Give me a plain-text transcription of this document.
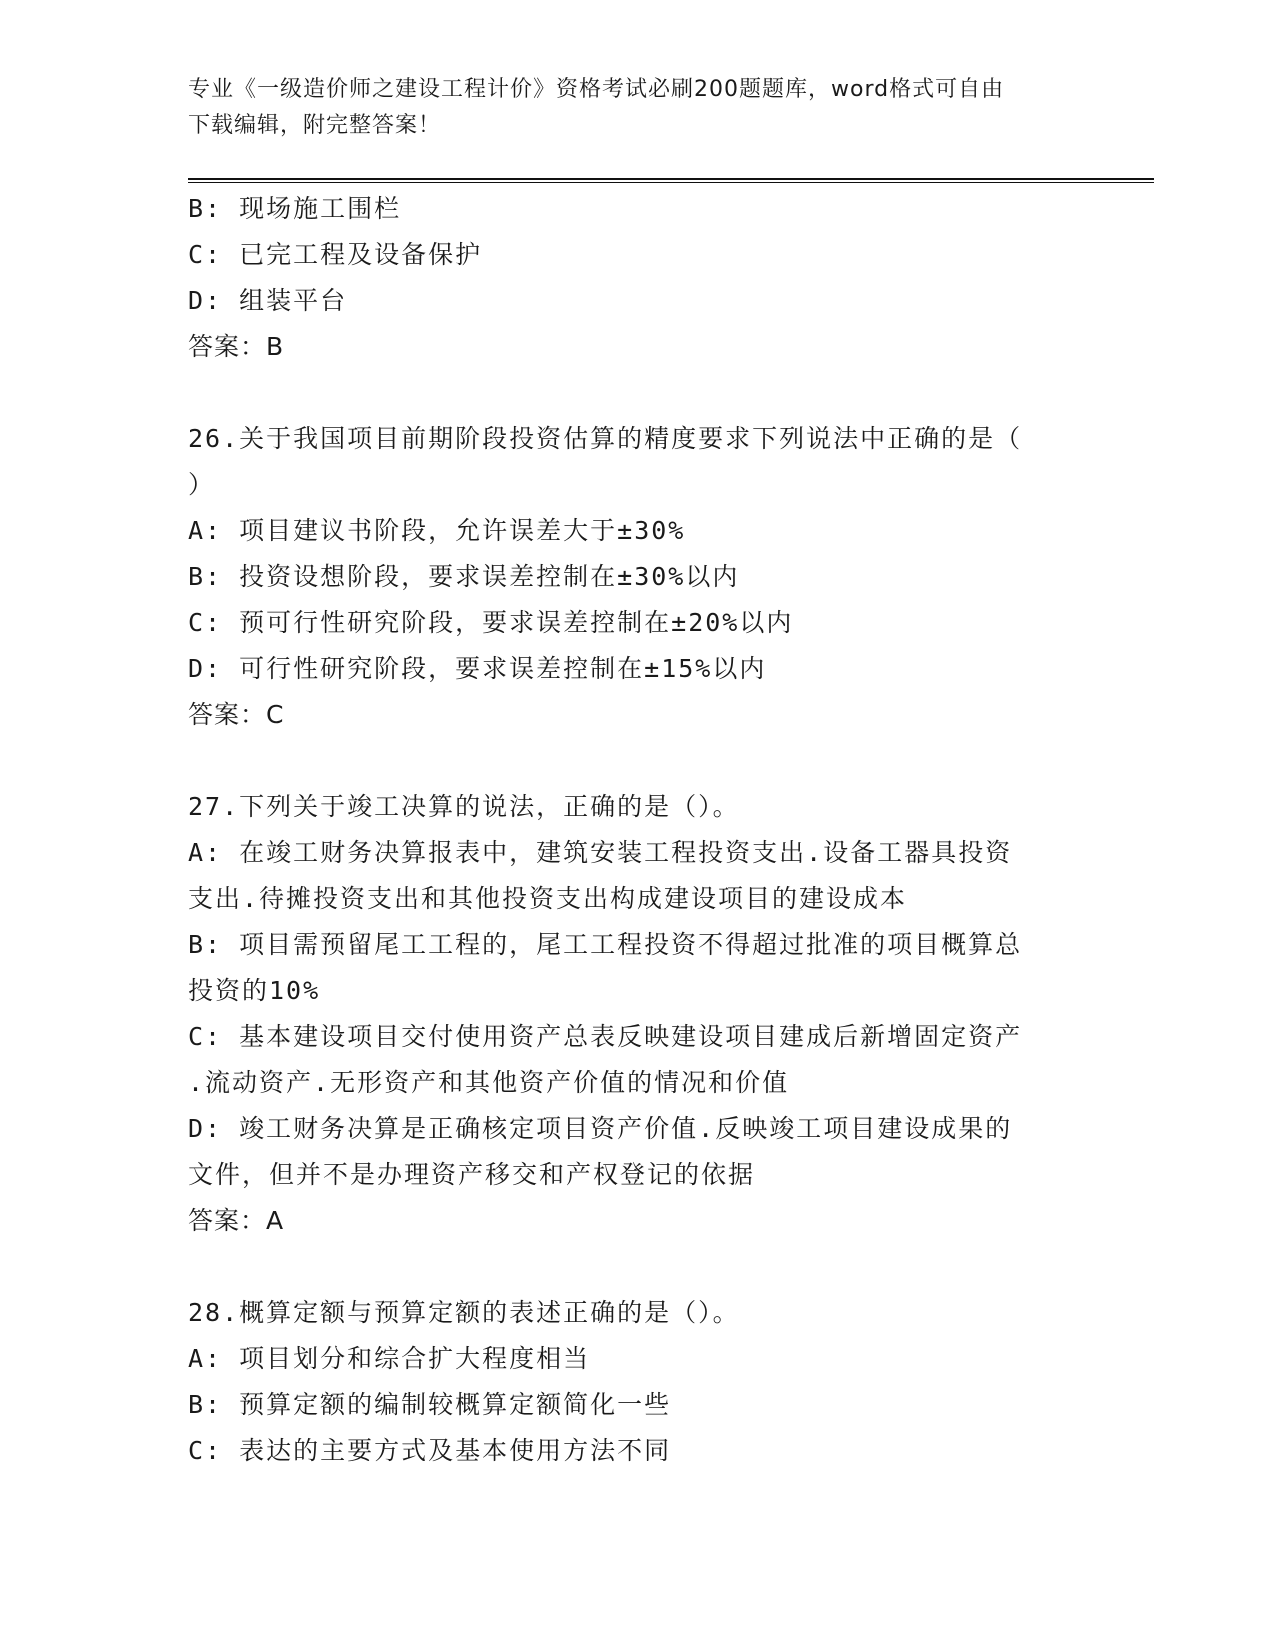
专业《一级造价师之建设工程计价》资格考试必刷200题题库，word格式可自由
下载编辑，附完整答案！
B: 现场施工围栏
C: 已完工程及设备保护
D: 组装平台
答案：B
26.关于我国项目前期阶段投资估算的精度要求下列说法中正确的是（
）
A: 项目建议书阶段，允许误差大于±30%
B: 投资设想阶段，要求误差控制在±30%以内
C: 预可行性研究阶段，要求误差控制在±20%以内
D: 可行性研究阶段，要求误差控制在±15%以内
答案：C
27.下列关于竣工决算的说法，正确的是（）。
A: 在竣工财务决算报表中，建筑安装工程投资支出.设备工器具投资
支出.待摊投资支出和其他投资支出构成建设项目的建设成本
B: 项目需预留尾工工程的，尾工工程投资不得超过批准的项目概算总
投资的10%
C: 基本建设项目交付使用资产总表反映建设项目建成后新增固定资产
.流动资产.无形资产和其他资产价值的情况和价值
D: 竣工财务决算是正确核定项目资产价值.反映竣工项目建设成果的
文件，但并不是办理资产移交和产权登记的依据
答案：A
28.概算定额与预算定额的表述正确的是（）。
A: 项目划分和综合扩大程度相当
B: 预算定额的编制较概算定额简化一些
C: 表达的主要方式及基本使用方法不同
